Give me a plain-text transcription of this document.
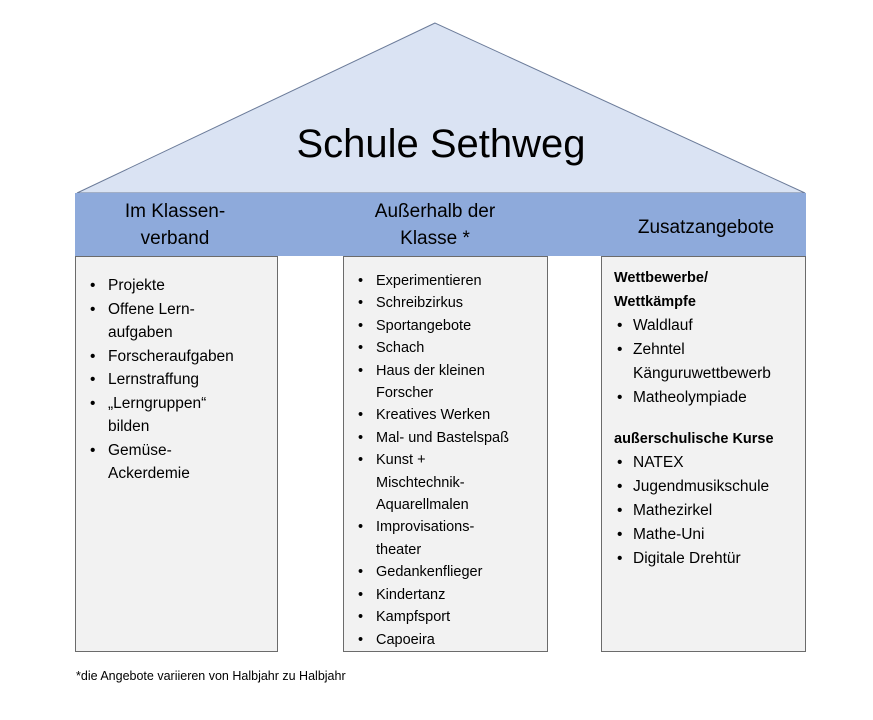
Schule Sethweg
Im Klassen-
verband
Außerhalb der
Klasse *
Zusatzangebote
• Projekte
• Offene Lern-
aufgaben
• Forscheraufgaben
• Lernstraffung
• „Lerngruppen“
bilden
• Gemüse-
Ackerdemie
• Experimentieren
• Schreibzirkus
• Sportangebote
• Schach
• Haus der kleinen
Forscher
• Kreatives Werken
• Mal- und Bastelspaß
• Kunst +
Mischtechnik-
Aquarellmalen
• Improvisations-
theater
• Gedankenflieger
• Kindertanz
• Kampfsport
• Capoeira
Wettbewerbe/
Wettkämpfe
• Waldlauf
• Zehntel
Känguruwettbewerb
• Matheolympiade
außerschulische Kurse
• NATEX
• Jugendmusikschule
• Mathezirkel
• Mathe-Uni
• Digitale Drehtür
*die Angebote variieren von Halbjahr zu Halbjahr
